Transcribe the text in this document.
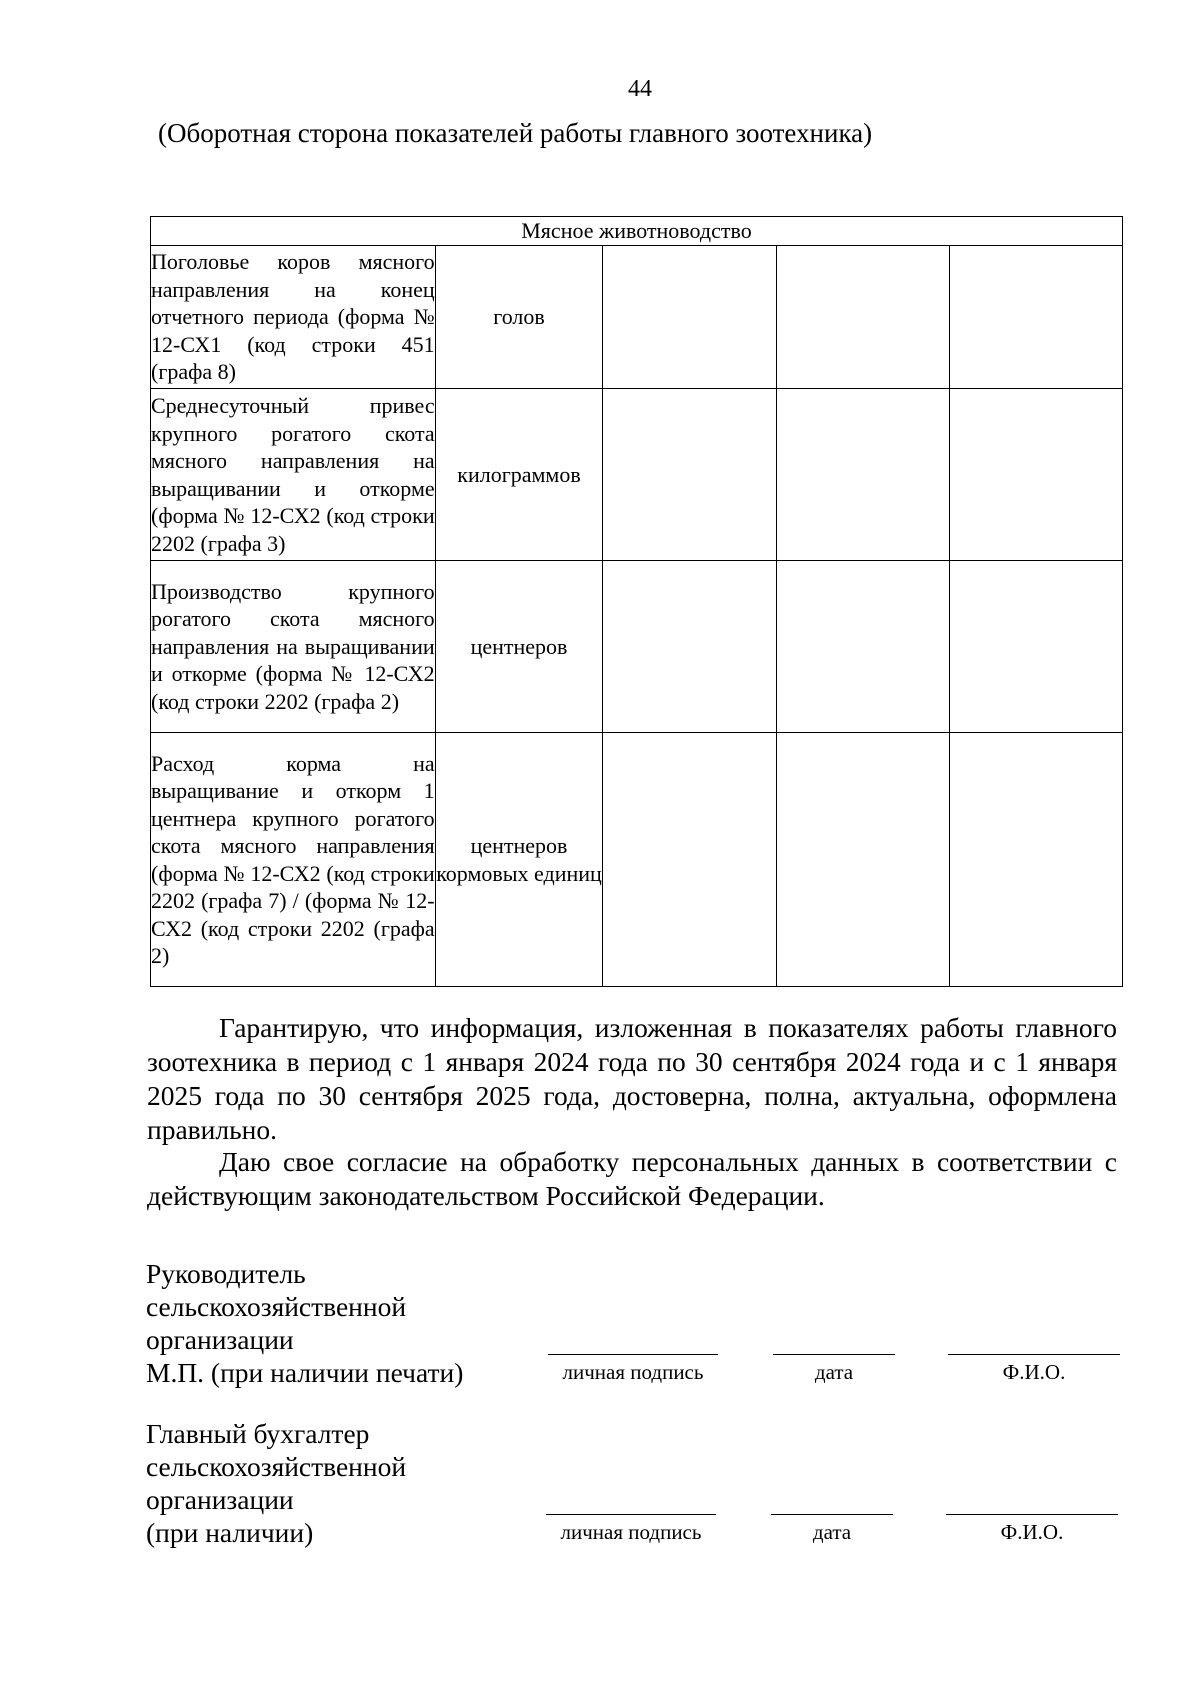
44
(Оборотная сторона показателей работы главного зоотехника)
Мясное животноводство				
Поголовье коров мясного направления на конец отчетного периода (форма № 12-СХ1 (код строки 451 (графа 8)	голов			
Среднесуточный привес крупного рогатого скота мясного направления на выращивании и откорме (форма № 12-СХ2 (код строки 2202 (графа 3)	килограммов			
Производство крупного рогатого скота мясного направления на выращивании и откорме (форма № 12-СХ2 (код строки 2202 (графа 2)	центнеров			
Расход корма на выращивание и откорм 1 центнера крупного рогатого скота мясного направления (форма № 12-СХ2 (код строки 2202 (графа 7) / (форма № 12-СХ2 (код строки 2202 (графа 2)	центнеров кормовых единиц			

Гарантирую, что информация, изложенная в показателях работы главного зоотехника в период с 1 января 2024 года по 30 сентября 2024 года и с 1 января 2025 года по 30 сентября 2025 года, достоверна, полна, актуальна, оформлена правильно.

Даю свое согласие на обработку персональных данных в соответствии с действующим законодательством Российской Федерации.

Руководитель
сельскохозяйственной
организации
М.П. (при наличии печати)	личная подпись	дата	Ф.И.О.
Главный бухгалтер
сельскохозяйственной
организации
(при наличии)	личная подпись	дата	Ф.И.О.
